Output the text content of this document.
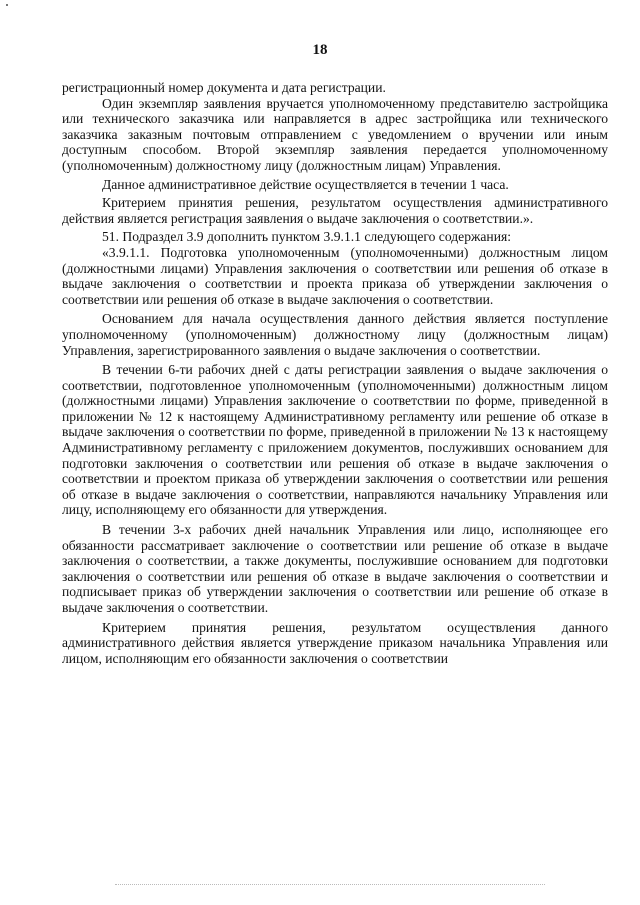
18

регистрационный номер документа и дата регистрации.

Один экземпляр заявления вручается уполномоченному представителю застройщика или технического заказчика или направляется в адрес застройщика или технического заказчика заказным почтовым отправлением с уведомлением о вручении или иным доступным способом. Второй экземпляр заявления передается уполномоченному (уполномоченным) должностному лицу (должностным лицам) Управления.

Данное административное действие осуществляется в течении 1 часа.

Критерием принятия решения, результатом осуществления административного действия является регистрация заявления о выдаче заключения о соответствии.».

51. Подраздел 3.9 дополнить пунктом 3.9.1.1 следующего содержания:

«3.9.1.1. Подготовка уполномоченным (уполномоченными) должностным лицом (должностными лицами) Управления заключения о соответствии или решения об отказе в выдаче заключения о соответствии и проекта приказа об утверждении заключения о соответствии или решения об отказе в выдаче заключения о соответствии.

Основанием для начала осуществления данного действия является поступление уполномоченному (уполномоченным) должностному лицу (должностным лицам) Управления, зарегистрированного заявления о выдаче заключения о соответствии.

В течении 6-ти рабочих дней с даты регистрации заявления о выдаче заключения о соответствии, подготовленное уполномоченным (уполномоченными) должностным лицом (должностными лицами) Управления заключение о соответствии по форме, приведенной в приложении № 12 к настоящему Административному регламенту или решение об отказе в выдаче заключения о соответствии по форме, приведенной в приложении № 13 к настоящему Административному регламенту с приложением документов, послуживших основанием для подготовки заключения о соответствии или решения об отказе в выдаче заключения о соответствии и проектом приказа об утверждении заключения о соответствии или решения об отказе в выдаче заключения о соответствии, направляются начальнику Управления или лицу, исполняющему его обязанности для утверждения.

В течении 3-х рабочих дней начальник Управления или лицо, исполняющее его обязанности рассматривает заключение о соответствии или решение об отказе в выдаче заключения о соответствии, а также документы, послужившие основанием для подготовки заключения о соответствии или решения об отказе в выдаче заключения о соответствии и подписывает приказ об утверждении заключения о соответствии или решение об отказе в выдаче заключения о соответствии.

Критерием принятия решения, результатом осуществления данного административного действия является утверждение приказом начальника Управления или лицом, исполняющим его обязанности заключения о соответствии
